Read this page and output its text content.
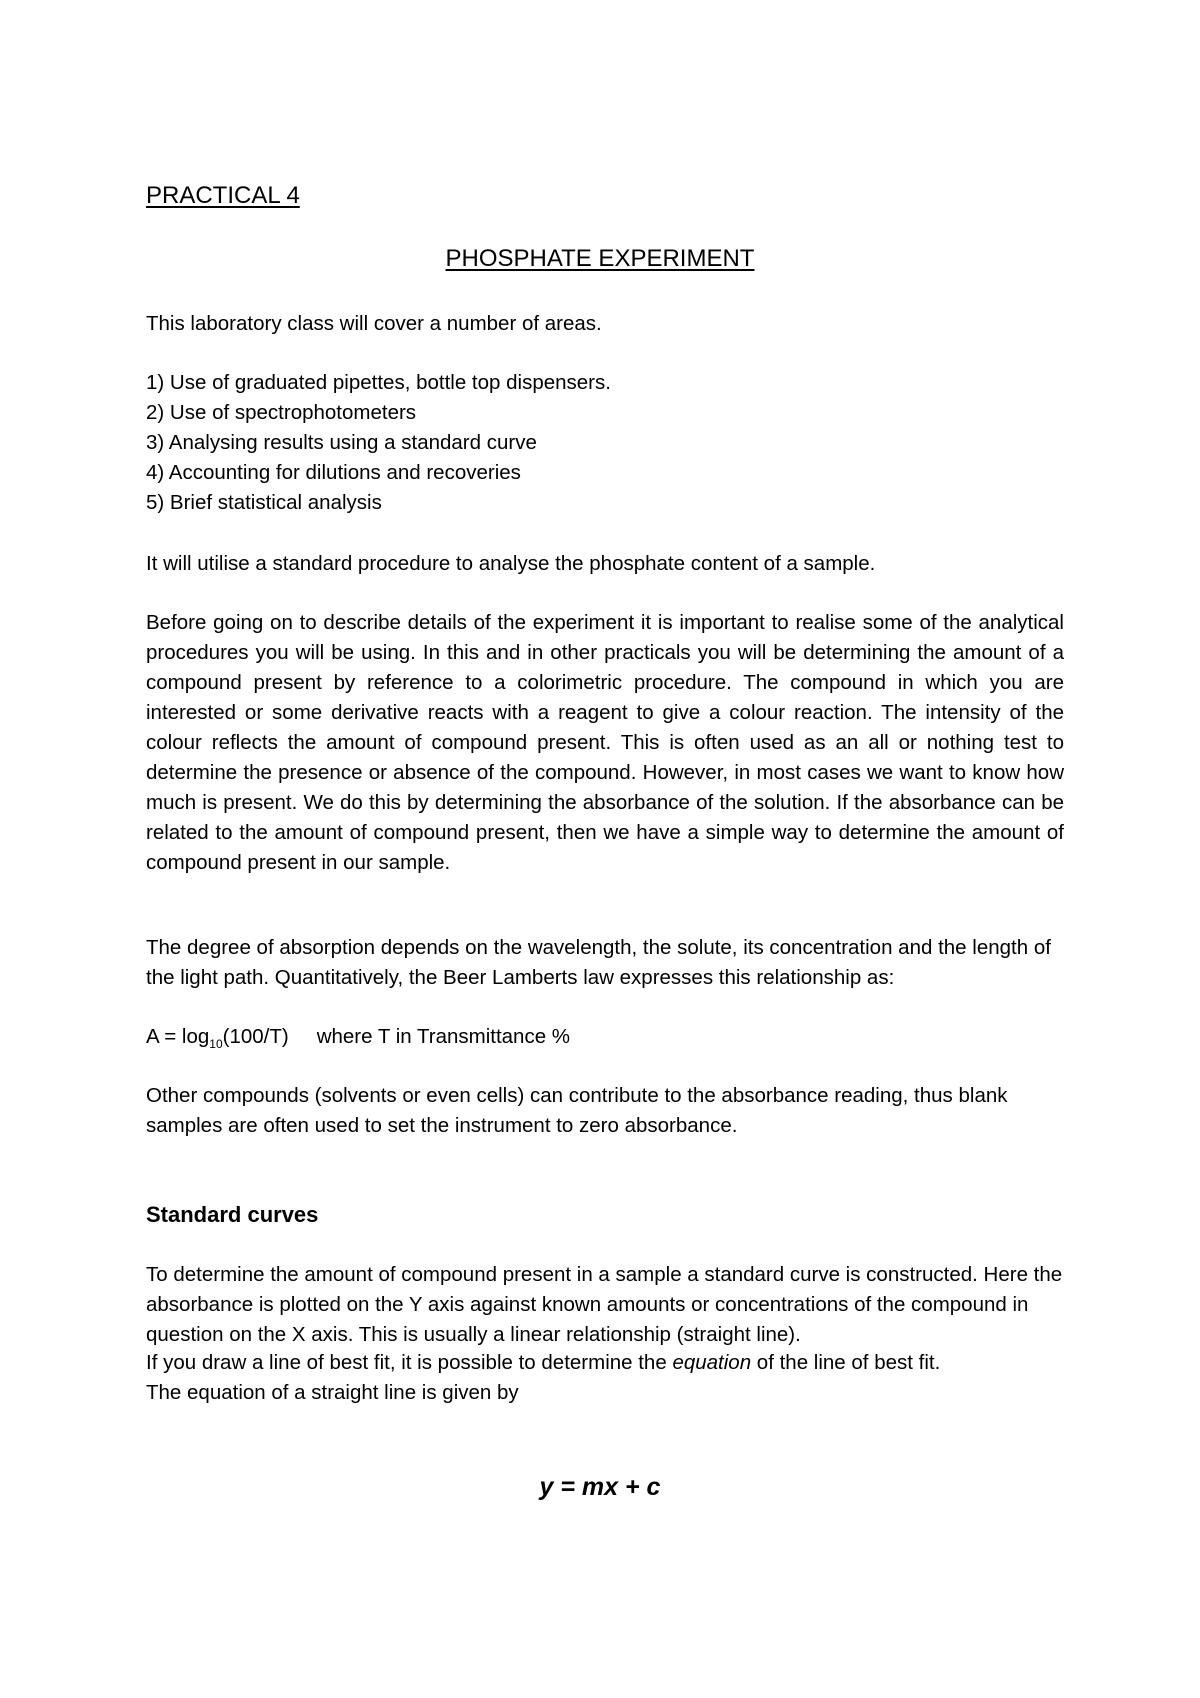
PRACTICAL 4

PHOSPHATE EXPERIMENT

This laboratory class will cover a number of areas.

1) Use of graduated pipettes, bottle top dispensers.
2) Use of spectrophotometers
3) Analysing results using a standard curve
4) Accounting for dilutions and recoveries
5) Brief statistical analysis

It will utilise a standard procedure to analyse the phosphate content of a sample.

Before going on to describe details of the experiment it is important to realise some of the analytical procedures you will be using. In this and in other practicals you will be determining the amount of a compound present by reference to a colorimetric procedure. The compound in which you are interested or some derivative reacts with a reagent to give a colour reaction. The intensity of the colour reflects the amount of compound present. This is often used as an all or nothing test to determine the presence or absence of the compound. However, in most cases we want to know how much is present. We do this by determining the absorbance of the solution. If the absorbance can be related to the amount of compound present, then we have a simple way to determine the amount of compound present in our sample.

The degree of absorption depends on the wavelength, the solute, its concentration and the length of the light path. Quantitatively, the Beer Lamberts law expresses this relationship as:

$A = \log_{10}(100/T)$ where T in Transmittance %

Other compounds (solvents or even cells) can contribute to the absorbance reading, thus blank samples are often used to set the instrument to zero absorbance.

Standard curves

To determine the amount of compound present in a sample a standard curve is constructed. Here the absorbance is plotted on the Y axis against known amounts or concentrations of the compound in question on the X axis. This is usually a linear relationship (straight line).

If you draw a line of best fit, it is possible to determine the equation of the line of best fit.
The equation of a straight line is given by

y = mx + c
